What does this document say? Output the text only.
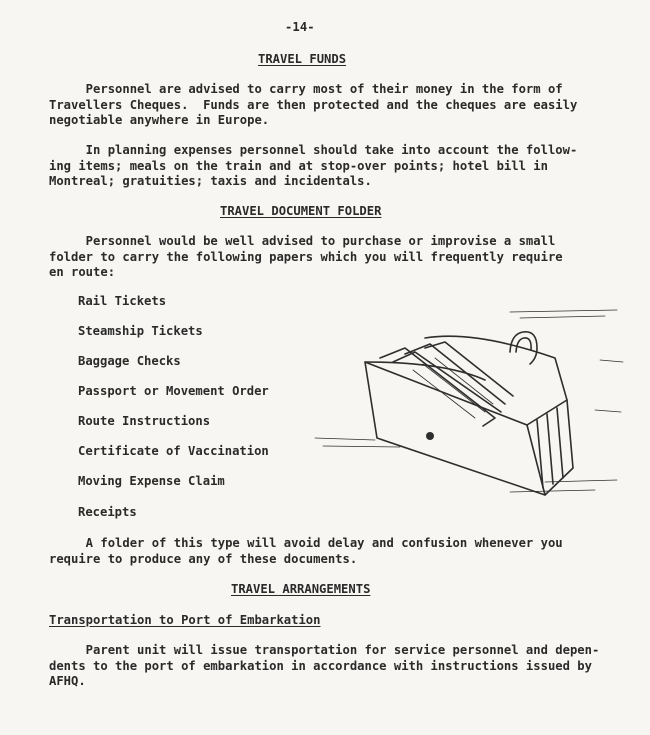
-14-
TRAVEL FUNDS

Personnel are advised to carry most of their money in the form of

Travellers Cheques.  Funds are then protected and the cheques are easily

negotiable anywhere in Europe.

In planning expenses personnel should take into account the follow-

ing items; meals on the train and at stop-over points; hotel bill in

Montreal; gratuities; taxis and incidentals.

TRAVEL DOCUMENT FOLDER

Personnel would be well advised to purchase or improvise a small

folder to carry the following papers which you will frequently require

en route:

Rail Tickets
Steamship Tickets
Baggage Checks
Passport or Movement Order
Route Instructions
Certificate of Vaccination
Moving Expense Claim
Receipts

A folder of this type will avoid delay and confusion whenever you

require to produce any of these documents.

TRAVEL ARRANGEMENTS
Transportation to Port of Embarkation

Parent unit will issue transportation for service personnel and depen-

dents to the port of embarkation in accordance with instructions issued by

AFHQ.
